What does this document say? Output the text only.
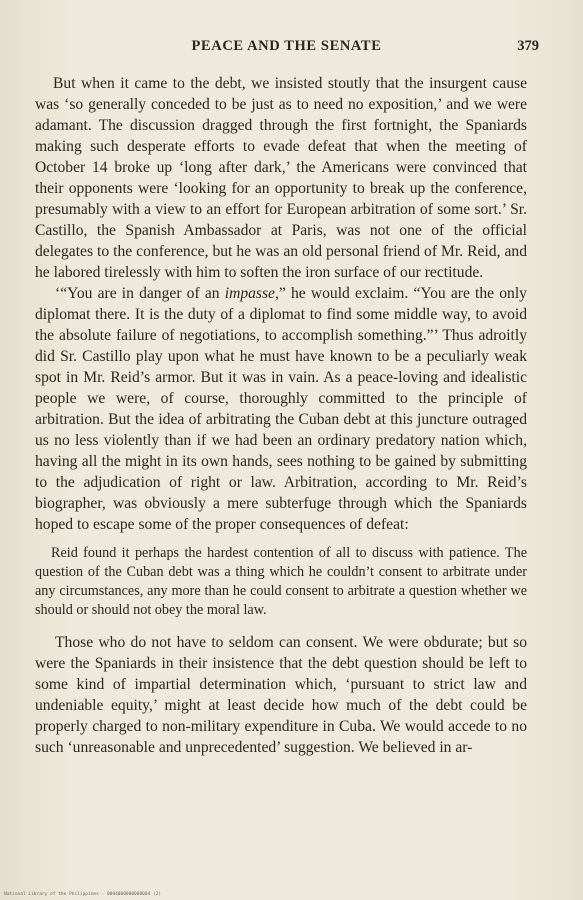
PEACE AND THE SENATE	379

But when it came to the debt, we insisted stoutly that the insurgent cause was ‘so generally conceded to be just as to need no exposition,’ and we were adamant. The discussion dragged through the first fortnight, the Spaniards making such desperate efforts to evade defeat that when the meeting of October 14 broke up ‘long after dark,’ the Americans were convinced that their opponents were ‘looking for an opportunity to break up the conference, presumably with a view to an effort for European arbitration of some sort.’ Sr. Castillo, the Spanish Ambassador at Paris, was not one of the official delegates to the conference, but he was an old personal friend of Mr. Reid, and he labored tirelessly with him to soften the iron surface of our rectitude.

‘“You are in danger of an impasse,” he would exclaim. “You are the only diplomat there. It is the duty of a diplomat to find some middle way, to avoid the absolute failure of negotiations, to accomplish something.”’ Thus adroitly did Sr. Castillo play upon what he must have known to be a peculiarly weak spot in Mr. Reid’s armor. But it was in vain. As a peace-loving and idealistic people we were, of course, thoroughly committed to the principle of arbitration. But the idea of arbitrating the Cuban debt at this juncture outraged us no less violently than if we had been an ordinary predatory nation which, having all the might in its own hands, sees nothing to be gained by submitting to the adjudication of right or law. Arbitration, according to Mr. Reid’s biographer, was obviously a mere subterfuge through which the Spaniards hoped to escape some of the proper consequences of defeat:

Reid found it perhaps the hardest contention of all to discuss with patience. The question of the Cuban debt was a thing which he couldn’t consent to arbitrate under any circumstances, any more than he could consent to arbitrate a question whether we should or should not obey the moral law.

Those who do not have to seldom can consent. We were obdurate; but so were the Spaniards in their insistence that the debt question should be left to some kind of impartial determination which, ‘pursuant to strict law and undeniable equity,’ might at least decide how much of the debt could be properly charged to non-military expenditure in Cuba. We would accede to no such ‘unreasonable and unprecedented’ suggestion. We believed in ar-

National Library of the Philippines · 0004000000000004 (2)
